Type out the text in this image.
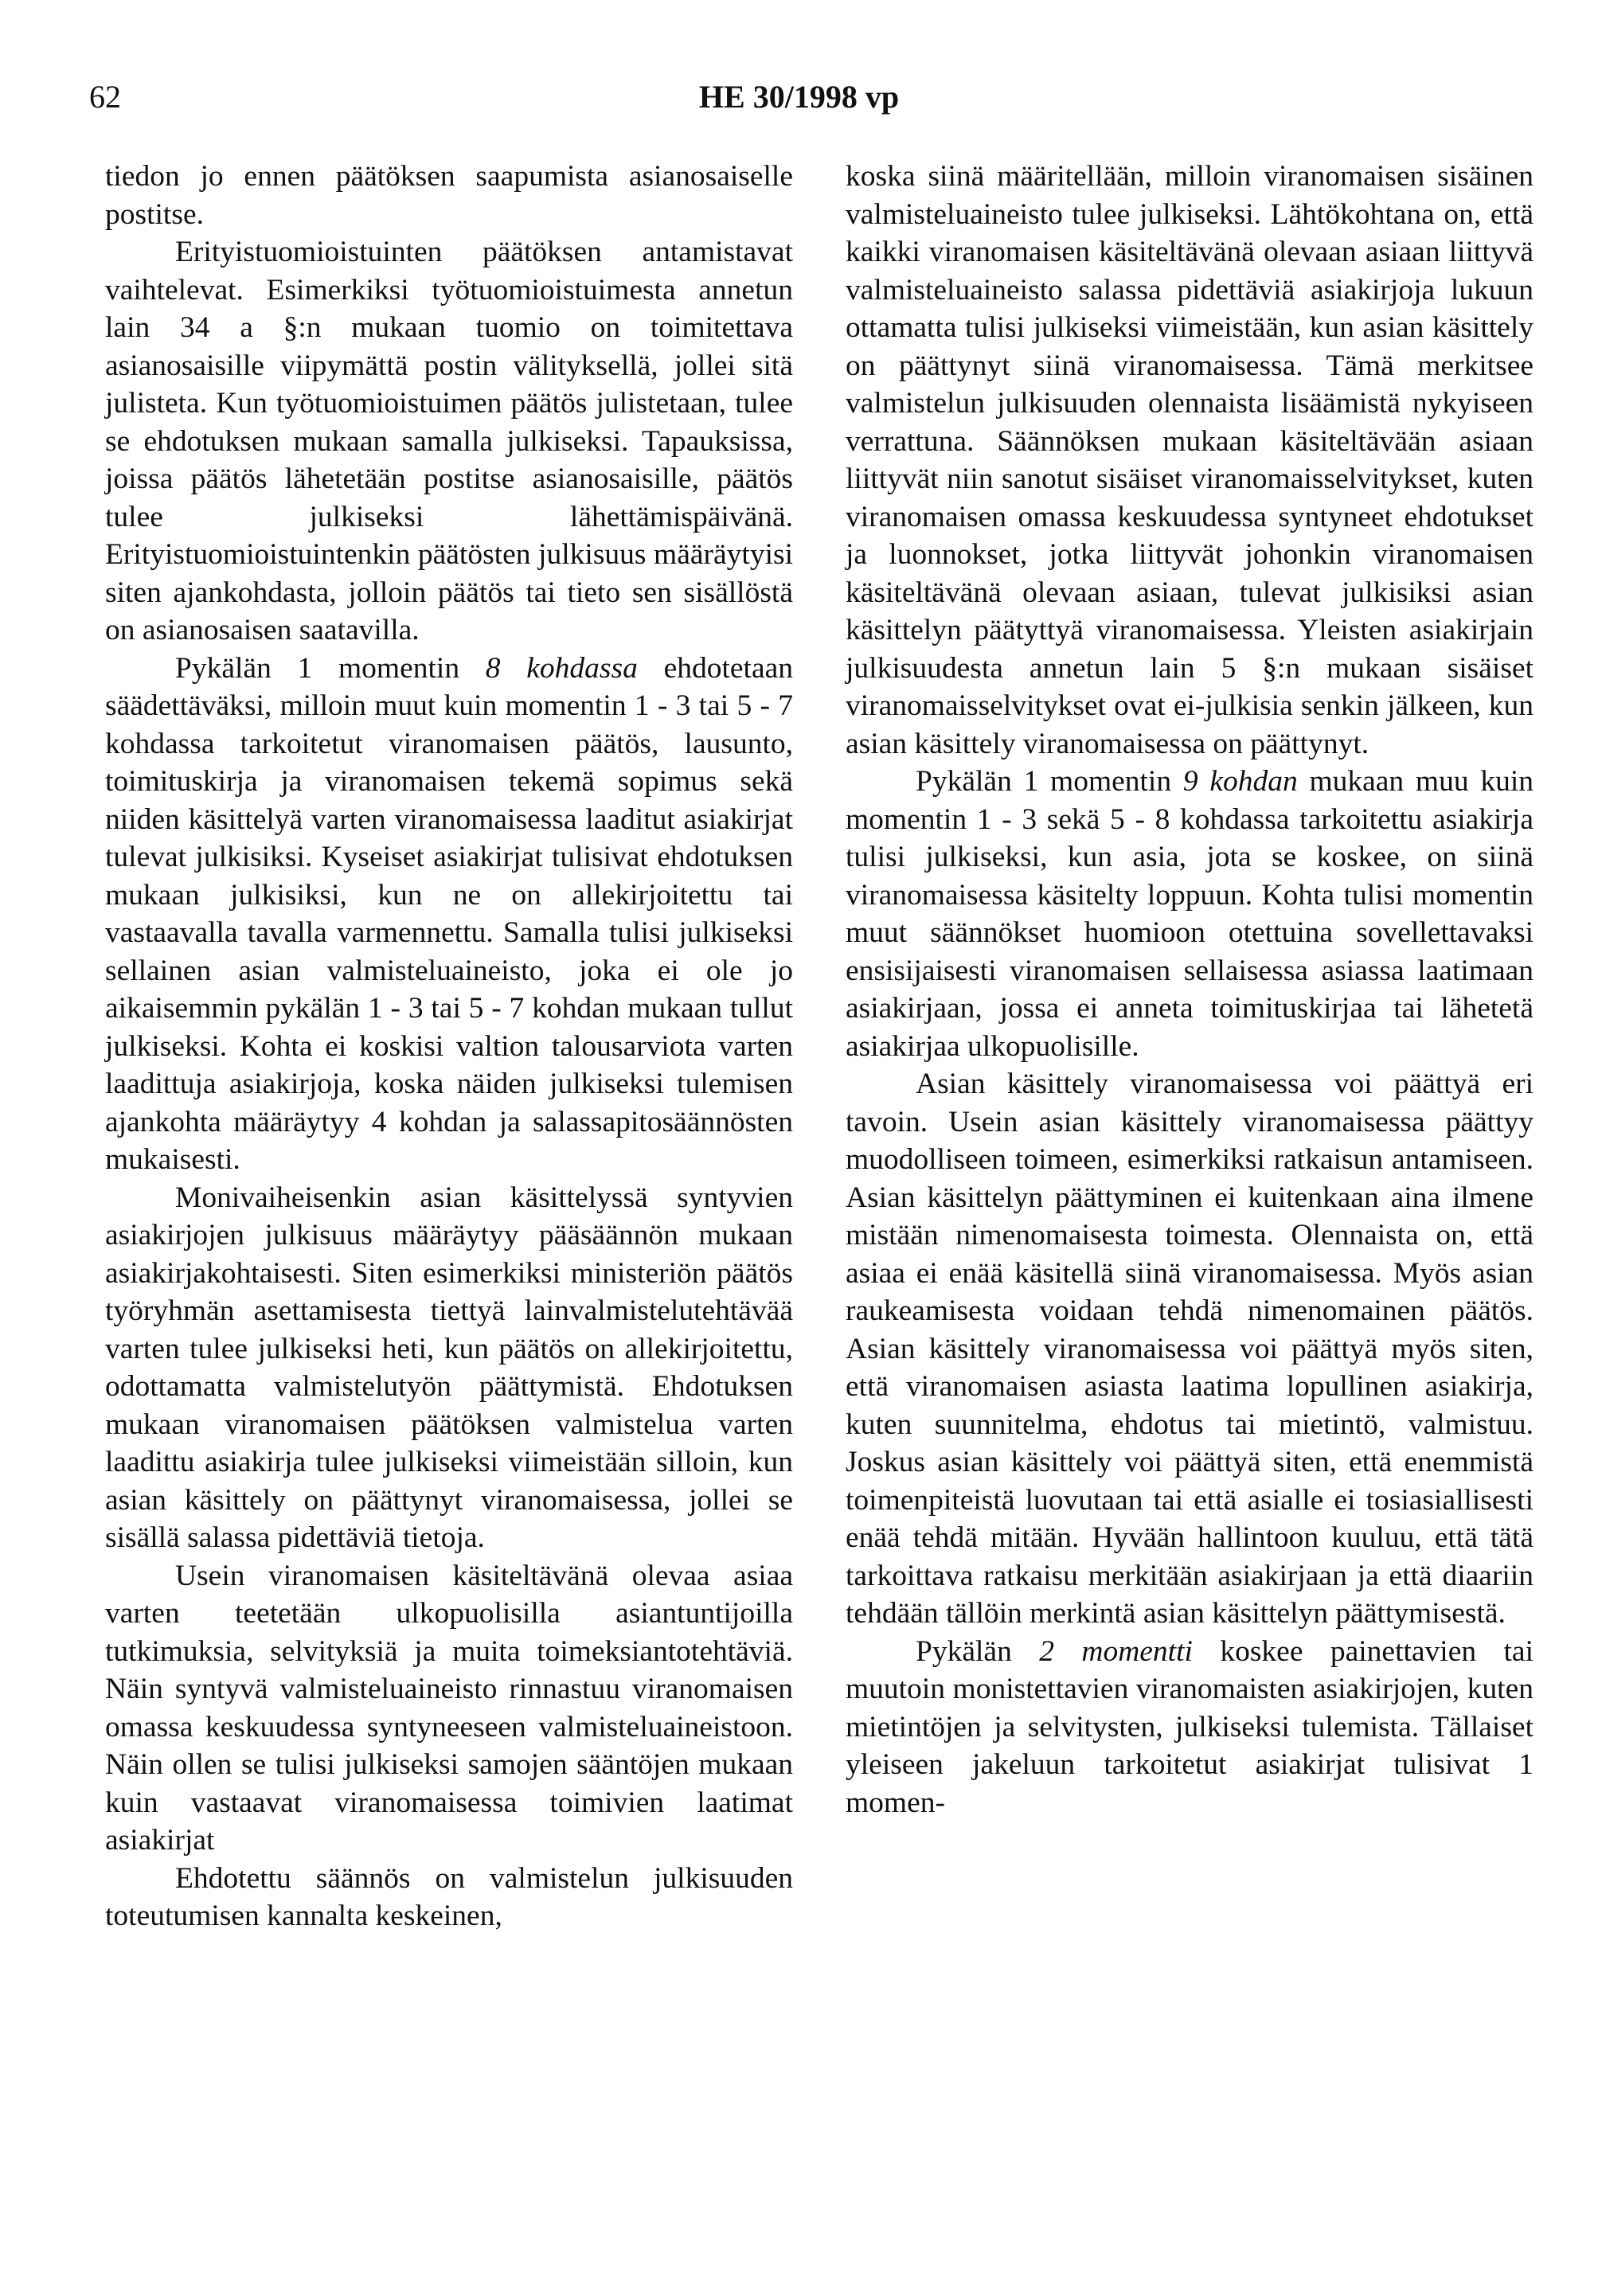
62	HE 30/1998 vp

tiedon jo ennen päätöksen saapumista asianosaiselle postitse.

Erityistuomioistuinten päätöksen antamistavat vaihtelevat. Esimerkiksi työtuomioistuimesta annetun lain 34 a §:n mukaan tuomio on toimitettava asianosaisille viipymättä postin välityksellä, jollei sitä julisteta. Kun työtuomioistuimen päätös julistetaan, tulee se ehdotuksen mukaan samalla julkiseksi. Tapauksissa, joissa päätös lähetetään postitse asianosaisille, päätös tulee julkiseksi lähettämispäivänä. Erityistuomioistuintenkin päätösten julkisuus määräytyisi siten ajankohdasta, jolloin päätös tai tieto sen sisällöstä on asianosaisen saatavilla.

Pykälän 1 momentin 8 kohdassa ehdotetaan säädettäväksi, milloin muut kuin momentin 1 - 3 tai 5 - 7 kohdassa tarkoitetut viranomaisen päätös, lausunto, toimituskirja ja viranomaisen tekemä sopimus sekä niiden käsittelyä varten viranomaisessa laaditut asiakirjat tulevat julkisiksi. Kyseiset asiakirjat tulisivat ehdotuksen mukaan julkisiksi, kun ne on allekirjoitettu tai vastaavalla tavalla varmennettu. Samalla tulisi julkiseksi sellainen asian valmisteluaineisto, joka ei ole jo aikaisemmin pykälän 1 - 3 tai 5 - 7 kohdan mukaan tullut julkiseksi. Kohta ei koskisi valtion talousarviota varten laadittuja asiakirjoja, koska näiden julkiseksi tulemisen ajankohta määräytyy 4 kohdan ja salassapitosäännösten mukaisesti.

Monivaiheisenkin asian käsittelyssä syntyvien asiakirjojen julkisuus määräytyy pääsäännön mukaan asiakirjakohtaisesti. Siten esimerkiksi ministeriön päätös työryhmän asettamisesta tiettyä lainvalmistelutehtävää varten tulee julkiseksi heti, kun päätös on allekirjoitettu, odottamatta valmistelutyön päättymistä. Ehdotuksen mukaan viranomaisen päätöksen valmistelua varten laadittu asiakirja tulee julkiseksi viimeistään silloin, kun asian käsittely on päättynyt viranomaisessa, jollei se sisällä salassa pidettäviä tietoja.

Usein viranomaisen käsiteltävänä olevaa asiaa varten teetetään ulkopuolisilla asiantuntijoilla tutkimuksia, selvityksiä ja muita toimeksiantotehtäviä. Näin syntyvä valmisteluaineisto rinnastuu viranomaisen omassa keskuudessa syntyneeseen valmisteluaineistoon. Näin ollen se tulisi julkiseksi samojen sääntöjen mukaan kuin vastaavat viranomaisessa toimivien laatimat asiakirjat

Ehdotettu säännös on valmistelun julkisuuden toteutumisen kannalta keskeinen,

koska siinä määritellään, milloin viranomaisen sisäinen valmisteluaineisto tulee julkiseksi. Lähtökohtana on, että kaikki viranomaisen käsiteltävänä olevaan asiaan liittyvä valmisteluaineisto salassa pidettäviä asiakirjoja lukuun ottamatta tulisi julkiseksi viimeistään, kun asian käsittely on päättynyt siinä viranomaisessa. Tämä merkitsee valmistelun julkisuuden olennaista lisäämistä nykyiseen verrattuna. Säännöksen mukaan käsiteltävään asiaan liittyvät niin sanotut sisäiset viranomaisselvitykset, kuten viranomaisen omassa keskuudessa syntyneet ehdotukset ja luonnokset, jotka liittyvät johonkin viranomaisen käsiteltävänä olevaan asiaan, tulevat julkisiksi asian käsittelyn päätyttyä viranomaisessa. Yleisten asiakirjain julkisuudesta annetun lain 5 §:n mukaan sisäiset viranomaisselvitykset ovat ei-julkisia senkin jälkeen, kun asian käsittely viranomaisessa on päättynyt.

Pykälän 1 momentin 9 kohdan mukaan muu kuin momentin 1 - 3 sekä 5 - 8 kohdassa tarkoitettu asiakirja tulisi julkiseksi, kun asia, jota se koskee, on siinä viranomaisessa käsitelty loppuun. Kohta tulisi momentin muut säännökset huomioon otettuina sovellettavaksi ensisijaisesti viranomaisen sellaisessa asiassa laatimaan asiakirjaan, jossa ei anneta toimituskirjaa tai lähetetä asiakirjaa ulkopuolisille.

Asian käsittely viranomaisessa voi päättyä eri tavoin. Usein asian käsittely viranomaisessa päättyy muodolliseen toimeen, esimerkiksi ratkaisun antamiseen. Asian käsittelyn päättyminen ei kuitenkaan aina ilmene mistään nimenomaisesta toimesta. Olennaista on, että asiaa ei enää käsitellä siinä viranomaisessa. Myös asian raukeamisesta voidaan tehdä nimenomainen päätös. Asian käsittely viranomaisessa voi päättyä myös siten, että viranomaisen asiasta laatima lopullinen asiakirja, kuten suunnitelma, ehdotus tai mietintö, valmistuu. Joskus asian käsittely voi päättyä siten, että enemmistä toimenpiteistä luovutaan tai että asialle ei tosiasiallisesti enää tehdä mitään. Hyvään hallintoon kuuluu, että tätä tarkoittava ratkaisu merkitään asiakirjaan ja että diaariin tehdään tällöin merkintä asian käsittelyn päättymisestä.

Pykälän 2 momentti koskee painettavien tai muutoin monistettavien viranomaisten asiakirjojen, kuten mietintöjen ja selvitysten, julkiseksi tulemista. Tällaiset yleiseen jakeluun tarkoitetut asiakirjat tulisivat 1 momen-
